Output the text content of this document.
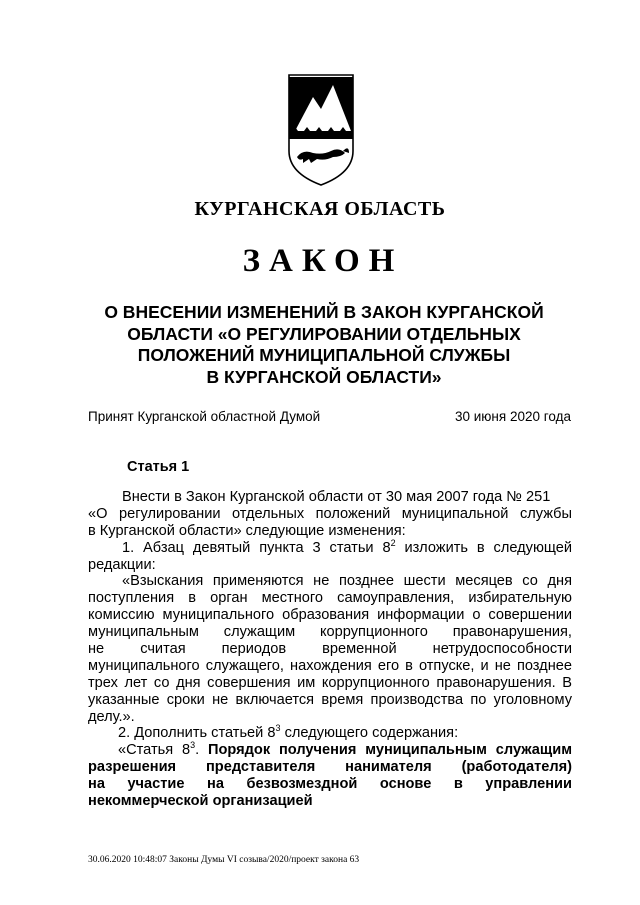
КУРГАНСКАЯ ОБЛАСТЬ
ЗАКОН
О ВНЕСЕНИИ ИЗМЕНЕНИЙ В ЗАКОН КУРГАНСКОЙ
ОБЛАСТИ «О РЕГУЛИРОВАНИИ ОТДЕЛЬНЫХ
ПОЛОЖЕНИЙ МУНИЦИПАЛЬНОЙ СЛУЖБЫ
В КУРГАНСКОЙ ОБЛАСТИ»
Принят Курганской областной Думой	30 июня 2020 года
Статья 1
Внести в Закон Курганской области от 30 мая 2007 года № 251
«О регулировании отдельных положений муниципальной службы
в Курганской области» следующие изменения:
1. Абзац девятый пункта 3 статьи $8^2$ изложить в следующей
редакции:
«Взыскания применяются не позднее шести месяцев со дня
поступления в орган местного самоуправления, избирательную
комиссию муниципального образования информации о совершении
муниципальным служащим коррупционного правонарушения,
не считая периодов временной нетрудоспособности
муниципального служащего, нахождения его в отпуске, и не позднее
трех лет со дня совершения им коррупционного правонарушения. В
указанные сроки не включается время производства по уголовному
делу.».
2. Дополнить статьей $8^3$ следующего содержания:
«Статья $8^3$. Порядок получения муниципальным служащим
разрешения представителя нанимателя (работодателя)
на участие на безвозмездной основе в управлении
некоммерческой организацией
30.06.2020 10:48:07 Законы Думы VI созыва/2020/проект закона 63
